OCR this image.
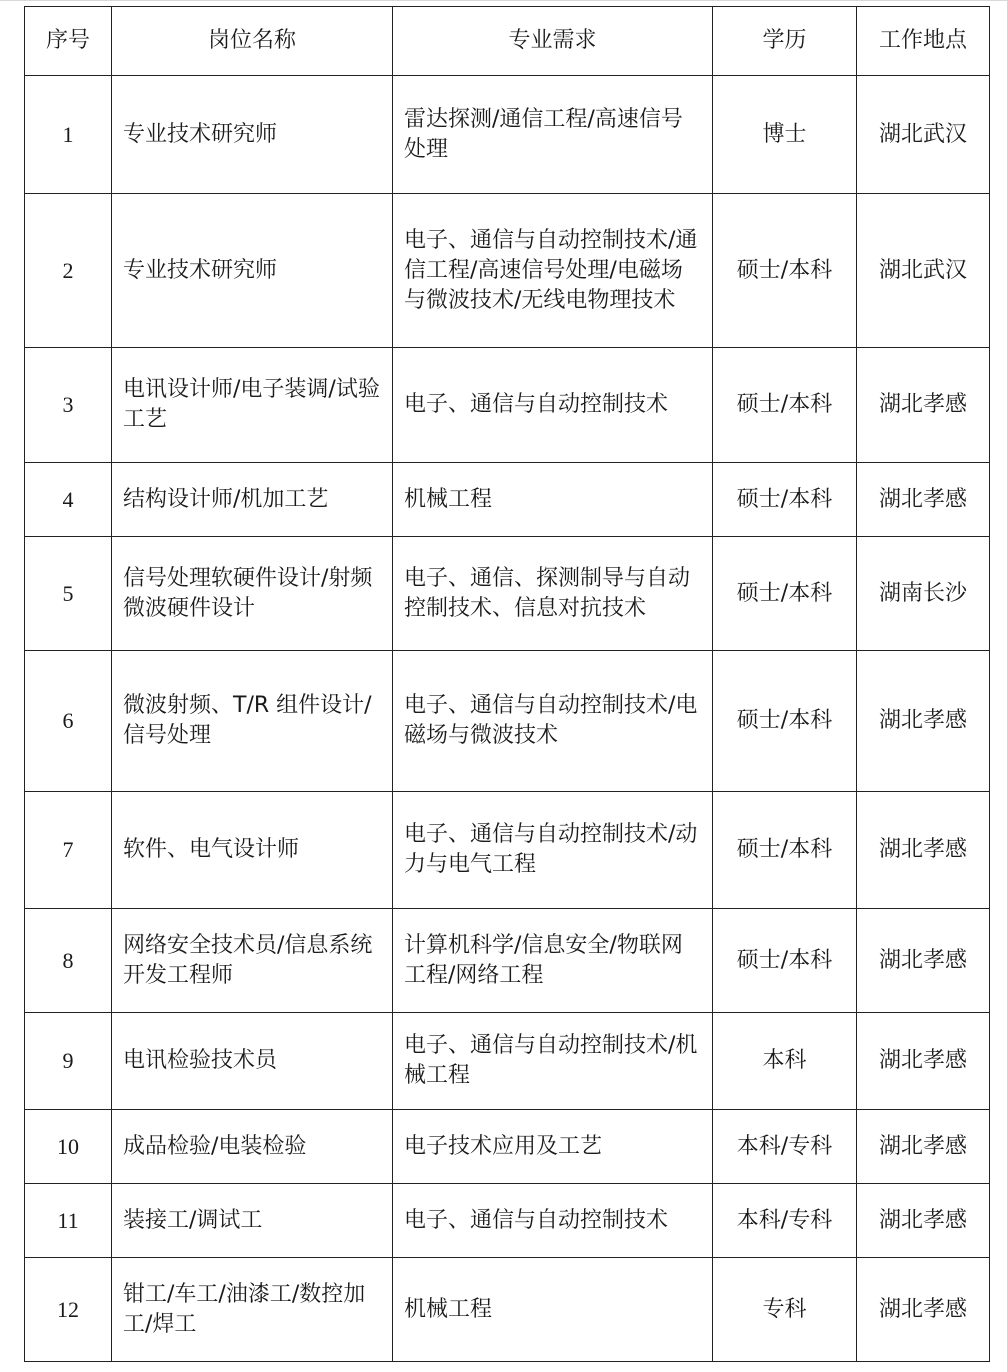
序号	岗位名称	专业需求	学历	工作地点
1	专业技术研究师	雷达探测/通信工程/高速信号处理	博士	湖北武汉
2	专业技术研究师	电子、通信与自动控制技术/通信工程/高速信号处理/电磁场与微波技术/无线电物理技术	硕士/本科	湖北武汉
3	电讯设计师/电子装调/试验工艺	电子、通信与自动控制技术	硕士/本科	湖北孝感
4	结构设计师/机加工艺	机械工程	硕士/本科	湖北孝感
5	信号处理软硬件设计/射频微波硬件设计	电子、通信、探测制导与自动控制技术、信息对抗技术	硕士/本科	湖南长沙
6	微波射频、T/R 组件设计/信号处理	电子、通信与自动控制技术/电磁场与微波技术	硕士/本科	湖北孝感
7	软件、电气设计师	电子、通信与自动控制技术/动力与电气工程	硕士/本科	湖北孝感
8	网络安全技术员/信息系统开发工程师	计算机科学/信息安全/物联网工程/网络工程	硕士/本科	湖北孝感
9	电讯检验技术员	电子、通信与自动控制技术/机械工程	本科	湖北孝感
10	成品检验/电装检验	电子技术应用及工艺	本科/专科	湖北孝感
11	装接工/调试工	电子、通信与自动控制技术	本科/专科	湖北孝感
12	钳工/车工/油漆工/数控加工/焊工	机械工程	专科	湖北孝感
